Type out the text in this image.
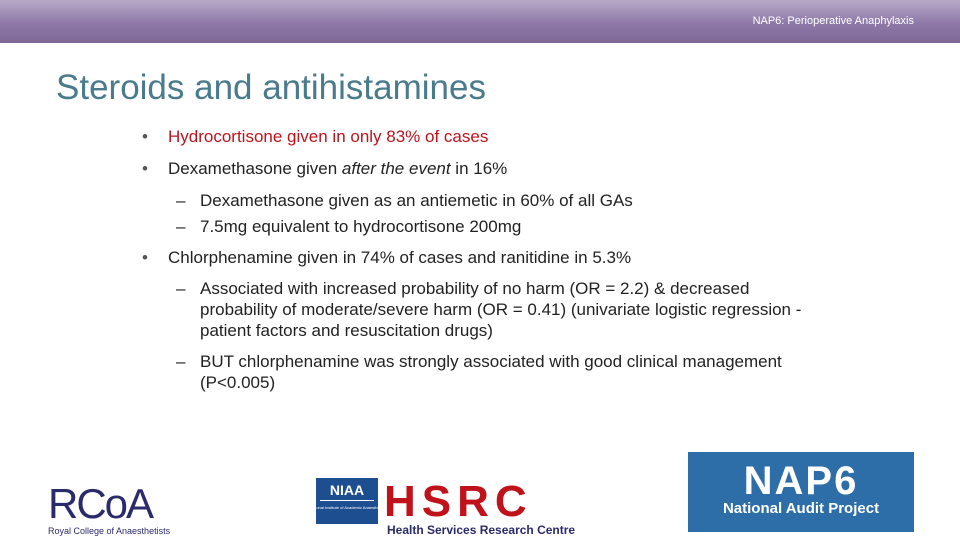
NAP6: Perioperative Anaphylaxis
Steroids and antihistamines
• Hydrocortisone given in only 83% of cases
• Dexamethasone given after the event in 16%
– Dexamethasone given as an antiemetic in 60% of all GAs
– 7.5mg equivalent to hydrocortisone 200mg
• Chlorphenamine given in 74% of cases and ranitidine in 5.3%
– Associated with increased probability of no harm (OR = 2.2) & decreased probability of moderate/severe harm (OR = 0.41) (univariate logistic regression - patient factors and resuscitation drugs)
– BUT chlorphenamine was strongly associated with good clinical management (P<0.005)
RCoA
Royal College of Anaesthetists
NIAA
National Institute of Academic Anaesthesia HSRC
Health Services Research Centre
NAP6
National Audit Project
